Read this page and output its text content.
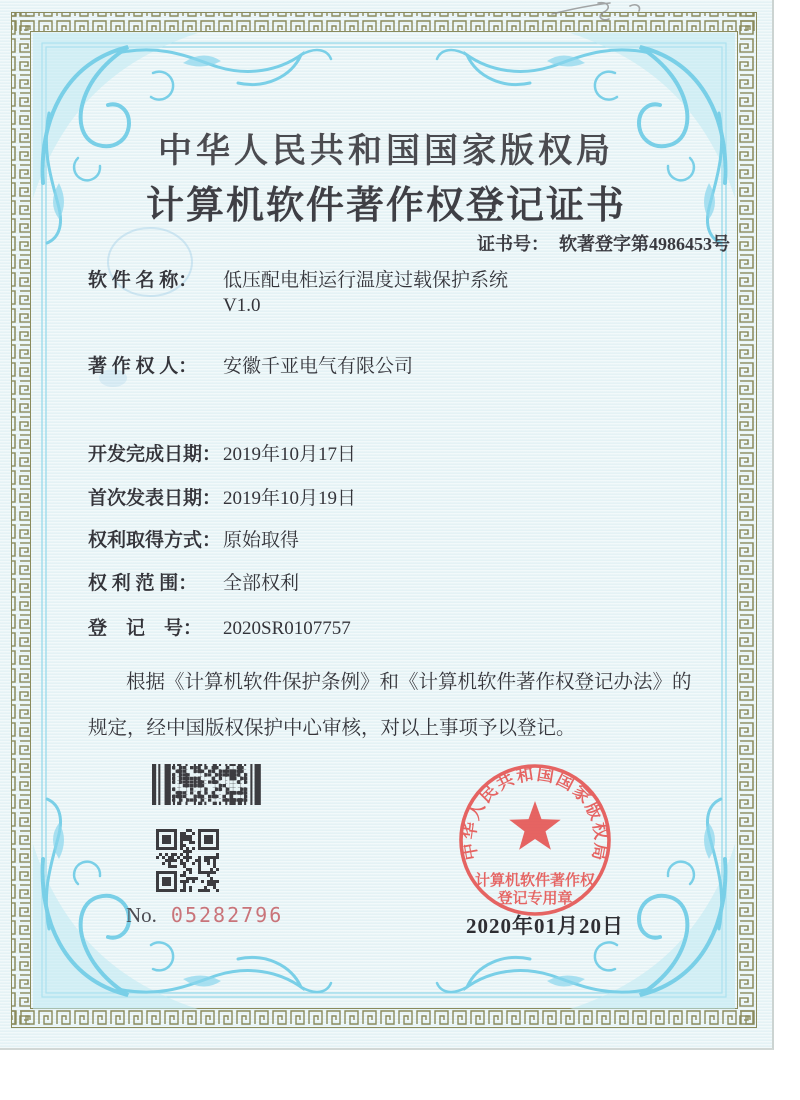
中华人民共和国国家版权局
计算机软件著作权登记证书
证书号： 软著登字第4986453号
软 件 名 称：	低压配电柜运行温度过载保护系统
V1.0
著 作 权 人：	安徽千亚电气有限公司
开发完成日期： 2019年10月17日
首次发表日期： 2019年10月19日
权利取得方式： 原始取得
权 利 范 围：	全部权利
登　记　号：	2020SR0107757
根据《计算机软件保护条例》和《计算机软件著作权登记办法》的
规定，经中国版权保护中心审核，对以上事项予以登记。
No. 05282796
中华人民共和国国家版权局
计算机软件著作权
登记专用章
2020年01月20日
